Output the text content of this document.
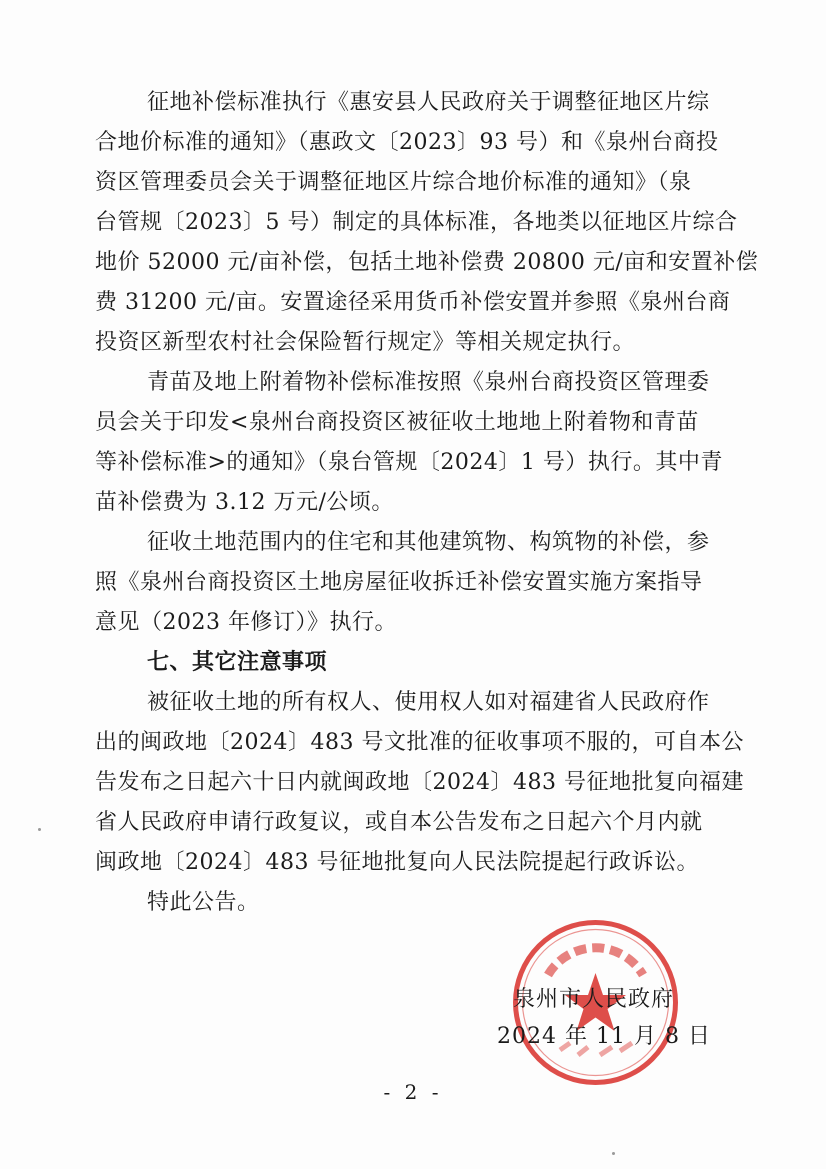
征地补偿标准执行《惠安县人民政府关于调整征地区片综
合地价标准的通知》（惠政文〔2023〕93 号）和《泉州台商投
资区管理委员会关于调整征地区片综合地价标准的通知》（泉
台管规〔2023〕5 号）制定的具体标准，各地类以征地区片综合
地价 52000 元/亩补偿，包括土地补偿费 20800 元/亩和安置补偿
费 31200 元/亩。安置途径采用货币补偿安置并参照《泉州台商
投资区新型农村社会保险暂行规定》等相关规定执行。
青苗及地上附着物补偿标准按照《泉州台商投资区管理委
员会关于印发<泉州台商投资区被征收土地地上附着物和青苗
等补偿标准>的通知》（泉台管规〔2024〕1 号）执行。其中青
苗补偿费为 3.12 万元/公顷。
征收土地范围内的住宅和其他建筑物、构筑物的补偿，参
照《泉州台商投资区土地房屋征收拆迁补偿安置实施方案指导
意见（2023 年修订）》执行。
七、其它注意事项
被征收土地的所有权人、使用权人如对福建省人民政府作
出的闽政地〔2024〕483 号文批准的征收事项不服的，可自本公
告发布之日起六十日内就闽政地〔2024〕483 号征地批复向福建
省人民政府申请行政复议，或自本公告发布之日起六个月内就
闽政地〔2024〕483 号征地批复向人民法院提起行政诉讼。
特此公告。
泉州市人民政府
2024 年 11 月 8 日
- 2 -
